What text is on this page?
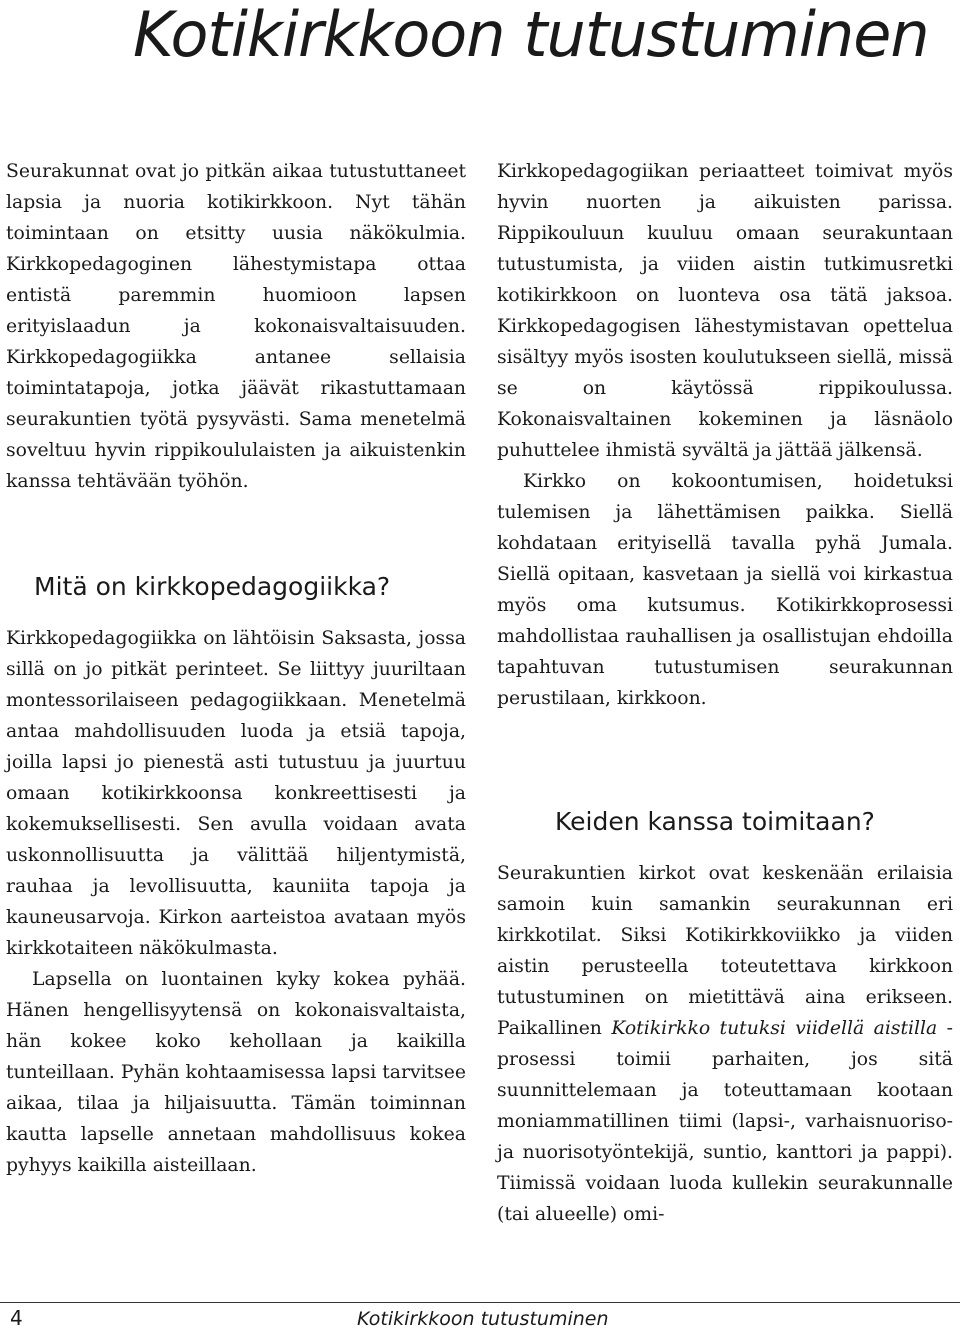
Kotikirkkoon tutustuminen

Seurakunnat ovat jo pitkän aikaa tutustuttaneet lapsia ja nuoria kotikirkkoon. Nyt tähän toimintaan on etsitty uusia näkökulmia. Kirkkopedagoginen lähestymistapa ottaa entistä paremmin huomioon lapsen erityislaadun ja kokonaisvaltaisuuden. Kirkkopedagogiikka antanee sellaisia toimintatapoja, jotka jäävät rikastuttamaan seurakuntien työtä pysyvästi. Sama menetelmä soveltuu hyvin rippikoululaisten ja aikuistenkin kanssa tehtävään työhön.

Mitä on kirkkopedagogiikka?

Kirkkopedagogiikka on lähtöisin Saksasta, jossa sillä on jo pitkät perinteet. Se liittyy juuriltaan montessorilaiseen pedagogiikkaan. Menetelmä antaa mahdollisuuden luoda ja etsiä tapoja, joilla lapsi jo pienestä asti tutustuu ja juurtuu omaan kotikirkkoonsa konkreettisesti ja kokemuksellisesti. Sen avulla voidaan avata uskonnollisuutta ja välittää hiljentymistä, rauhaa ja levollisuutta, kauniita tapoja ja kauneusarvoja. Kirkon aarteistoa avataan myös kirkkotaiteen näkökulmasta.

Lapsella on luontainen kyky kokea pyhää. Hänen hengellisyytensä on kokonaisvaltaista, hän kokee koko kehollaan ja kaikilla tunteillaan. Pyhän kohtaamisessa lapsi tarvitsee aikaa, tilaa ja hiljaisuutta. Tämän toiminnan kautta lapselle annetaan mahdollisuus kokea pyhyys kaikilla aisteillaan.

Kirkkopedagogiikan periaatteet toimivat myös hyvin nuorten ja aikuisten parissa. Rippikouluun kuuluu omaan seurakuntaan tutustumista, ja viiden aistin tutkimusretki kotikirkkoon on luonteva osa tätä jaksoa. Kirkkopedagogisen lähestymistavan opettelua sisältyy myös isosten koulutukseen siellä, missä se on käytössä rippikoulussa. Kokonaisvaltainen kokeminen ja läsnäolo puhuttelee ihmistä syvältä ja jättää jälkensä.

Kirkko on kokoontumisen, hoidetuksi tulemisen ja lähettämisen paikka. Siellä kohdataan erityisellä tavalla pyhä Jumala. Siellä opitaan, kasvetaan ja siellä voi kirkastua myös oma kutsumus. Kotikirkkoprosessi mahdollistaa rauhallisen ja osallistujan ehdoilla tapahtuvan tutustumisen seurakunnan perustilaan, kirkkoon.

Keiden kanssa toimitaan?

Seurakuntien kirkot ovat keskenään erilaisia samoin kuin samankin seurakunnan eri kirkkotilat. Siksi Kotikirkkoviikko ja viiden aistin perusteella toteutettava kirkkoon tutustuminen on mietittävä aina erikseen. Paikallinen Kotikirkko tutuksi viidellä aistilla -prosessi toimii parhaiten, jos sitä suunnittelemaan ja toteuttamaan kootaan moniammatillinen tiimi (lapsi-, varhaisnuoriso- ja nuorisotyöntekijä, suntio, kanttori ja pappi). Tiimissä voidaan luoda kullekin seurakunnalle (tai alueelle) omi-

4	Kotikirkkoon tutustuminen
